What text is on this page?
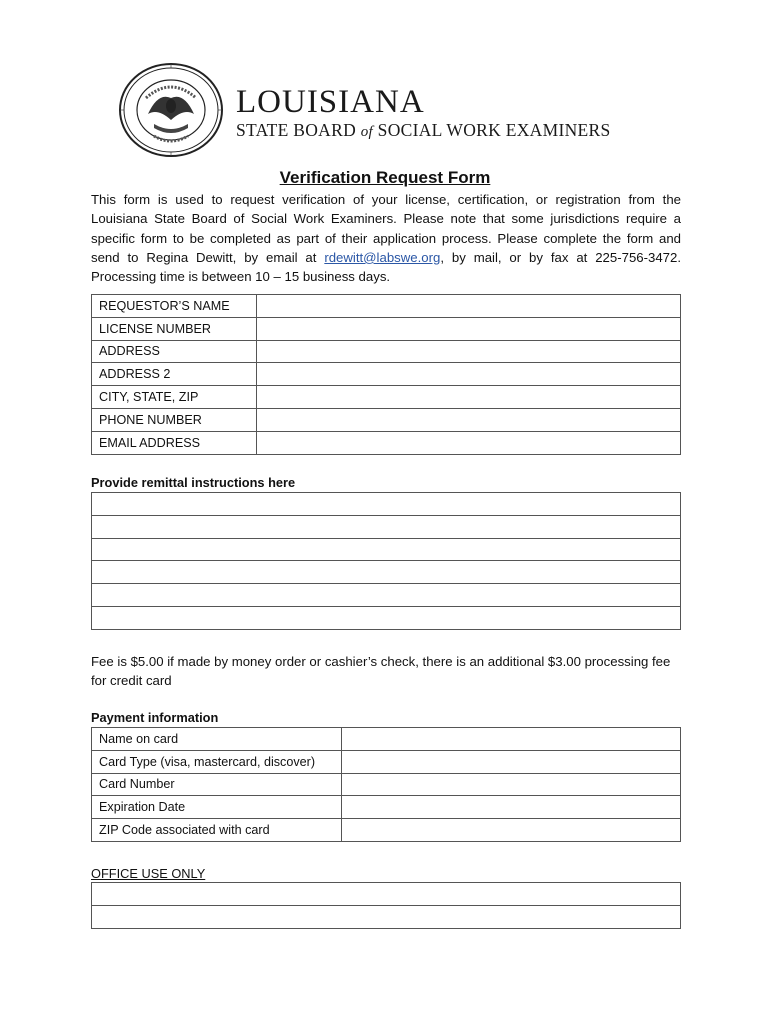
LOUISIANA
STATE BOARD of SOCIAL WORK EXAMINERS
Verification Request Form
This form is used to request verification of your license, certification, or registration from the Louisiana State Board of Social Work Examiners. Please note that some jurisdictions require a specific form to be completed as part of their application process. Please complete the form and send to Regina Dewitt, by email at rdewitt@labswe.org, by mail, or by fax at 225-756-3472. Processing time is between 10 – 15 business days.
REQUESTOR’S NAME	
LICENSE NUMBER	
ADDRESS	
ADDRESS 2	
CITY, STATE, ZIP	
PHONE NUMBER	
EMAIL ADDRESS	
Provide remittal instructions here

Fee is $5.00 if made by money order or cashier’s check, there is an additional $3.00 processing fee for credit card
Payment information
Name on card	
Card Type (visa, mastercard, discover)	
Card Number	
Expiration Date	
ZIP Code associated with card	
OFFICE USE ONLY
